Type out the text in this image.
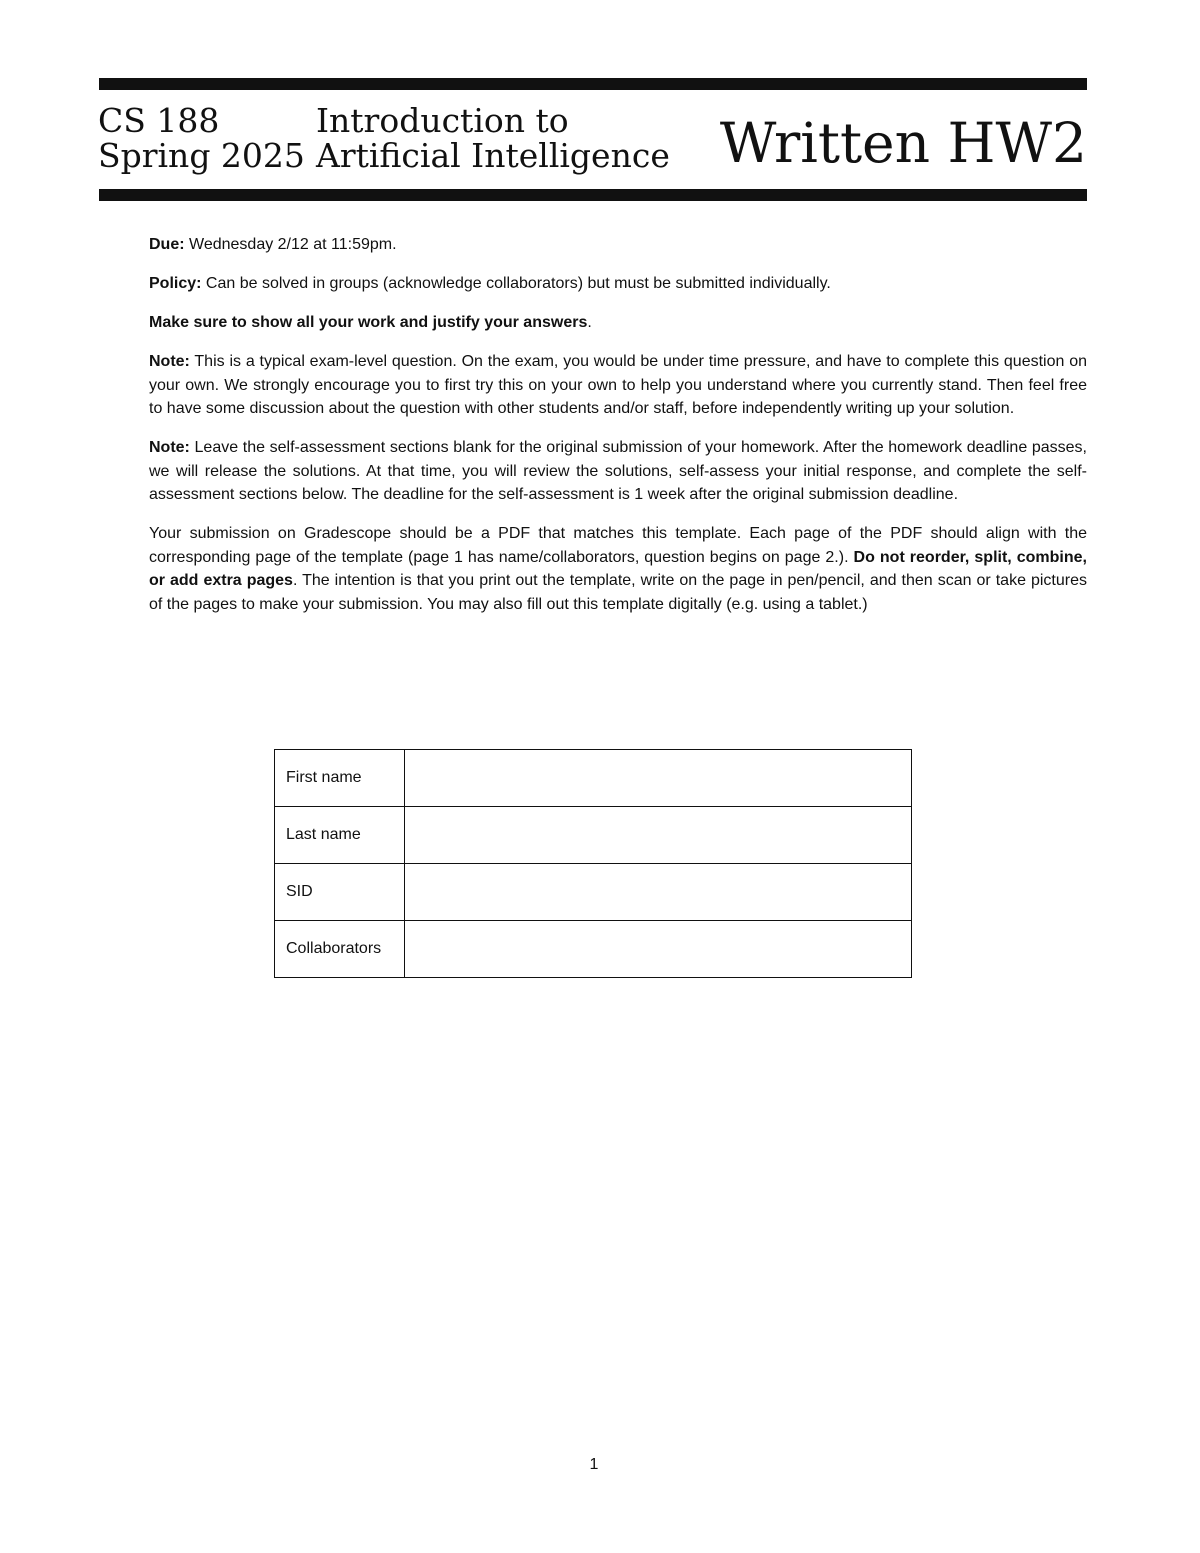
CS 188
Spring 2025
Introduction to
Artificial Intelligence Written HW2

Due: Wednesday 2/12 at 11:59pm.

Policy: Can be solved in groups (acknowledge collaborators) but must be submitted individually.

Make sure to show all your work and justify your answers.

Note: This is a typical exam-level question. On the exam, you would be under time pressure, and have to complete this question on your own. We strongly encourage you to first try this on your own to help you understand where you currently stand. Then feel free to have some discussion about the question with other students and/or staff, before independently writing up your solution.

Note: Leave the self-assessment sections blank for the original submission of your homework. After the homework deadline passes, we will release the solutions. At that time, you will review the solutions, self-assess your initial response, and complete the self-assessment sections below. The deadline for the self-assessment is 1 week after the original submission deadline.

Your submission on Gradescope should be a PDF that matches this template. Each page of the PDF should align with the corresponding page of the template (page 1 has name/collaborators, question begins on page 2.). Do not reorder, split, combine, or add extra pages. The intention is that you print out the template, write on the page in pen/pencil, and then scan or take pictures of the pages to make your submission. You may also fill out this template digitally (e.g. using a tablet.)

First name	
Last name	
SID	
Collaborators	
1
